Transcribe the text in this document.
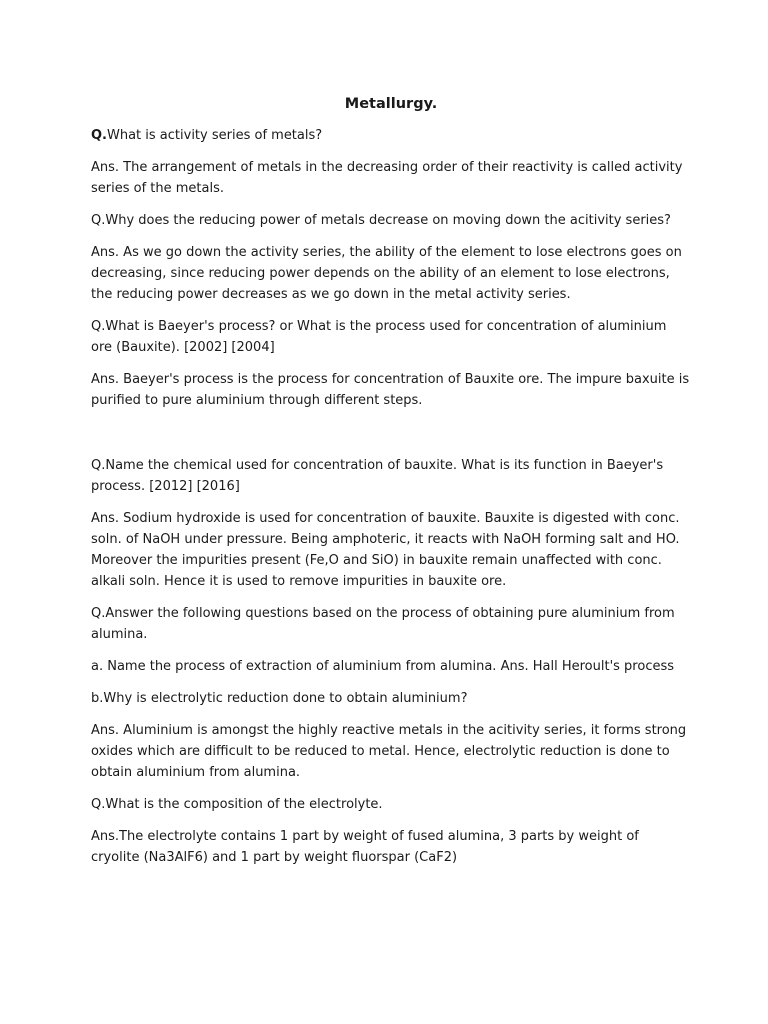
Metallurgy.

Q.What is activity series of metals?

Ans. The arrangement of metals in the decreasing order of their reactivity is called activity series of the metals.

Q.Why does the reducing power of metals decrease on moving down the acitivity series?

Ans. As we go down the activity series, the ability of the element to lose electrons goes on decreasing, since reducing power depends on the ability of an element to lose electrons, the reducing power decreases as we go down in the metal activity series.

Q.What is Baeyer's process? or What is the process used for concentration of aluminium ore (Bauxite). [2002] [2004]

Ans. Baeyer's process is the process for concentration of Bauxite ore. The impure baxuite is purified to pure aluminium through different steps.

Q.Name the chemical used for concentration of bauxite. What is its function in Baeyer's process. [2012] [2016]

Ans. Sodium hydroxide is used for concentration of bauxite. Bauxite is digested with conc. soln. of NaOH under pressure. Being amphoteric, it reacts with NaOH forming salt and HO. Moreover the impurities present (Fe,O and SiO) in bauxite remain unaffected with conc. alkali soln. Hence it is used to remove impurities in bauxite ore.

Q.Answer the following questions based on the process of obtaining pure aluminium from alumina.

a. Name the process of extraction of aluminium from alumina. Ans. Hall Heroult's process

b.Why is electrolytic reduction done to obtain aluminium?

Ans. Aluminium is amongst the highly reactive metals in the acitivity series, it forms strong oxides which are difficult to be reduced to metal. Hence, electrolytic reduction is done to obtain aluminium from alumina.

Q.What is the composition of the electrolyte.

Ans.The electrolyte contains 1 part by weight of fused alumina, 3 parts by weight of cryolite (Na3AlF6) and 1 part by weight fluorspar (CaF2)
